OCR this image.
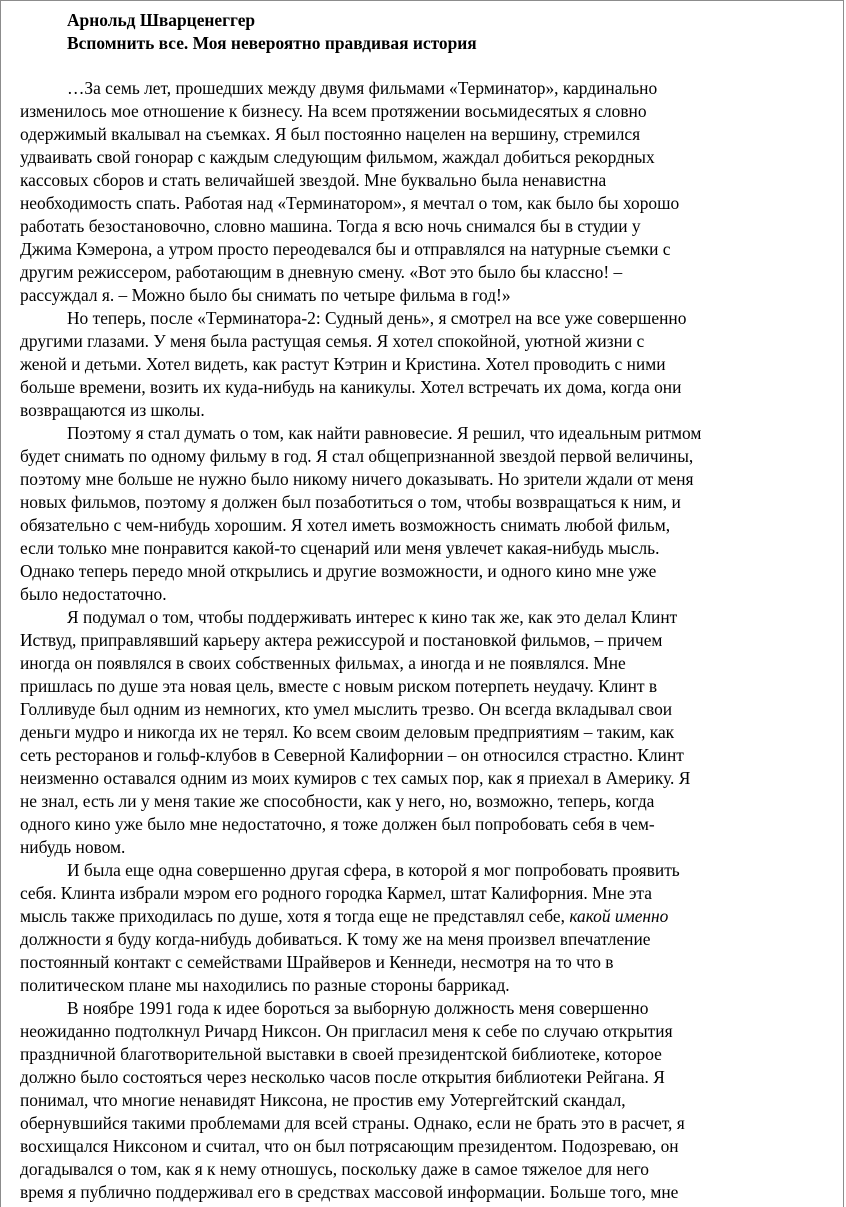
Арнольд Шварценеггер
Вспомнить все. Моя невероятно правдивая история
…За семь лет, прошедших между двумя фильмами «Терминатор», кардинально
изменилось мое отношение к бизнесу. На всем протяжении восьмидесятых я словно
одержимый вкалывал на съемках. Я был постоянно нацелен на вершину, стремился
удваивать свой гонорар с каждым следующим фильмом, жаждал добиться рекордных
кассовых сборов и стать величайшей звездой. Мне буквально была ненавистна
необходимость спать. Работая над «Терминатором», я мечтал о том, как было бы хорошо
работать безостановочно, словно машина. Тогда я всю ночь снимался бы в студии у
Джима Кэмерона, а утром просто переодевался бы и отправлялся на натурные съемки с
другим режиссером, работающим в дневную смену. «Вот это было бы классно! –
рассуждал я. – Можно было бы снимать по четыре фильма в год!»
Но теперь, после «Терминатора-2: Судный день», я смотрел на все уже совершенно
другими глазами. У меня была растущая семья. Я хотел спокойной, уютной жизни с
женой и детьми. Хотел видеть, как растут Кэтрин и Кристина. Хотел проводить с ними
больше времени, возить их куда-нибудь на каникулы. Хотел встречать их дома, когда они
возвращаются из школы.
Поэтому я стал думать о том, как найти равновесие. Я решил, что идеальным ритмом
будет снимать по одному фильму в год. Я стал общепризнанной звездой первой величины,
поэтому мне больше не нужно было никому ничего доказывать. Но зрители ждали от меня
новых фильмов, поэтому я должен был позаботиться о том, чтобы возвращаться к ним, и
обязательно с чем-нибудь хорошим. Я хотел иметь возможность снимать любой фильм,
если только мне понравится какой-то сценарий или меня увлечет какая-нибудь мысль.
Однако теперь передо мной открылись и другие возможности, и одного кино мне уже
было недостаточно.
Я подумал о том, чтобы поддерживать интерес к кино так же, как это делал Клинт
Иствуд, приправлявший карьеру актера режиссурой и постановкой фильмов, – причем
иногда он появлялся в своих собственных фильмах, а иногда и не появлялся. Мне
пришлась по душе эта новая цель, вместе с новым риском потерпеть неудачу. Клинт в
Голливуде был одним из немногих, кто умел мыслить трезво. Он всегда вкладывал свои
деньги мудро и никогда их не терял. Ко всем своим деловым предприятиям – таким, как
сеть ресторанов и гольф-клубов в Северной Калифорнии – он относился страстно. Клинт
неизменно оставался одним из моих кумиров с тех самых пор, как я приехал в Америку. Я
не знал, есть ли у меня такие же способности, как у него, но, возможно, теперь, когда
одного кино уже было мне недостаточно, я тоже должен был попробовать себя в чем-
нибудь новом.
И была еще одна совершенно другая сфера, в которой я мог попробовать проявить
себя. Клинта избрали мэром его родного городка Кармел, штат Калифорния. Мне эта
мысль также приходилась по душе, хотя я тогда еще не представлял себе, какой именно
должности я буду когда-нибудь добиваться. К тому же на меня произвел впечатление
постоянный контакт с семействами Шрайверов и Кеннеди, несмотря на то что в
политическом плане мы находились по разные стороны баррикад.
В ноябре 1991 года к идее бороться за выборную должность меня совершенно
неожиданно подтолкнул Ричард Никсон. Он пригласил меня к себе по случаю открытия
праздничной благотворительной выставки в своей президентской библиотеке, которое
должно было состояться через несколько часов после открытия библиотеки Рейгана. Я
понимал, что многие ненавидят Никсона, не простив ему Уотергейтский скандал,
обернувшийся такими проблемами для всей страны. Однако, если не брать это в расчет, я
восхищался Никсоном и считал, что он был потрясающим президентом. Подозреваю, он
догадывался о том, как я к нему отношусь, поскольку даже в самое тяжелое для него
время я публично поддерживал его в средствах массовой информации. Больше того, мне
